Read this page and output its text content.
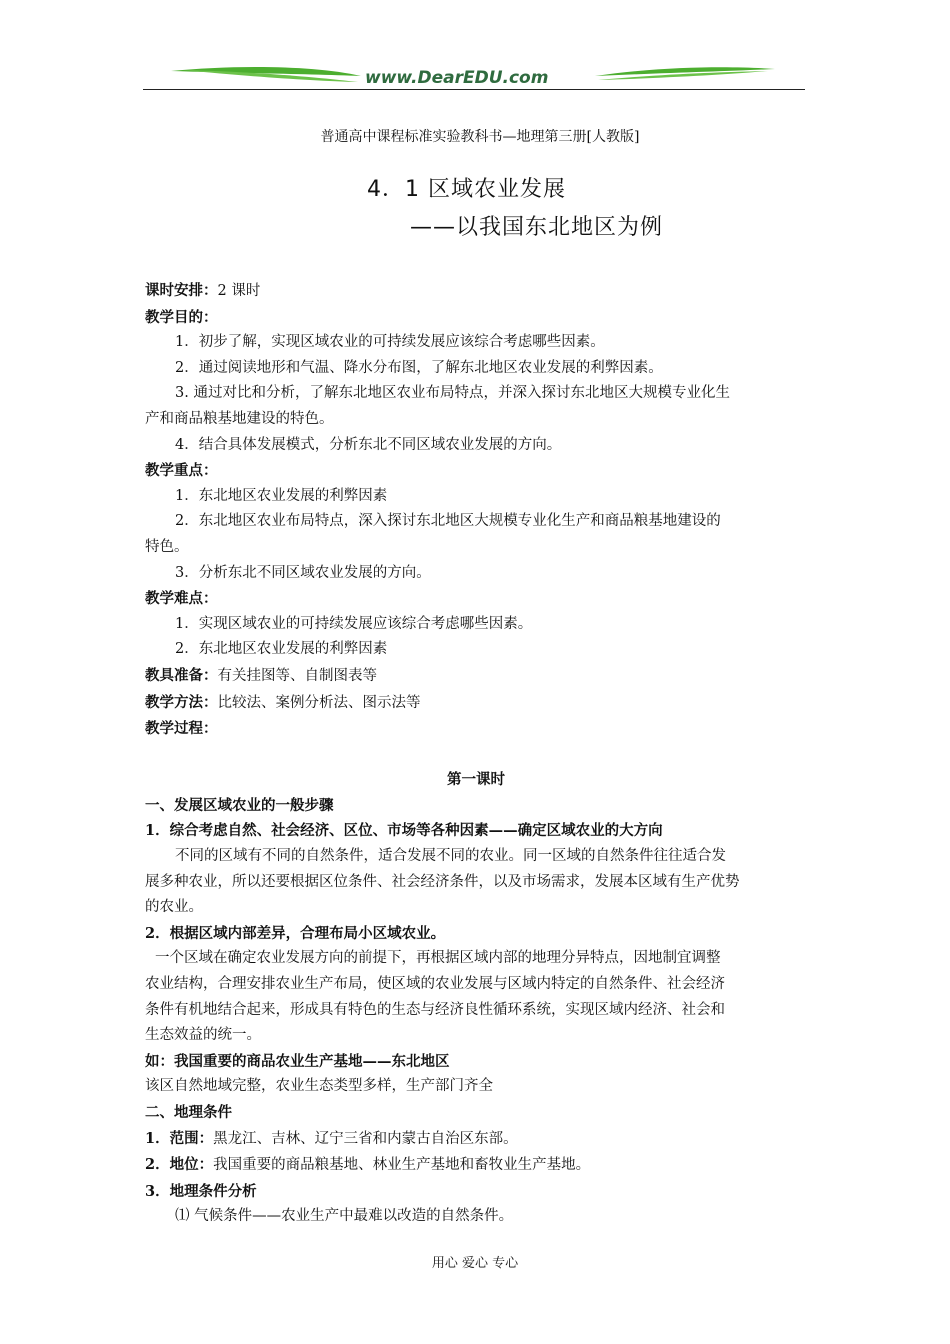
www.DearEDU.com
普通高中课程标准实验教科书—地理第三册[人教版]
4．1 区域农业发展
——以我国东北地区为例
课时安排：2 课时
教学目的：
1．初步了解，实现区域农业的可持续发展应该综合考虑哪些因素。
2．通过阅读地形和气温、降水分布图，了解东北地区农业发展的利弊因素。
3. 通过对比和分析，了解东北地区农业布局特点，并深入探讨东北地区大规模专业化生
产和商品粮基地建设的特色。
4．结合具体发展模式，分析东北不同区域农业发展的方向。
教学重点：
1．东北地区农业发展的利弊因素
2．东北地区农业布局特点，深入探讨东北地区大规模专业化生产和商品粮基地建设的
特色。
3．分析东北不同区域农业发展的方向。
教学难点：
1．实现区域农业的可持续发展应该综合考虑哪些因素。
2．东北地区农业发展的利弊因素
教具准备：有关挂图等、自制图表等
教学方法：比较法、案例分析法、图示法等
教学过程：
第一课时
一、发展区域农业的一般步骤
1．综合考虑自然、社会经济、区位、市场等各种因素——确定区域农业的大方向
不同的区域有不同的自然条件，适合发展不同的农业。同一区域的自然条件往往适合发
展多种农业，所以还要根据区位条件、社会经济条件，以及市场需求，发展本区域有生产优势
的农业。
2．根据区域内部差异，合理布局小区域农业。
一个区域在确定农业发展方向的前提下，再根据区域内部的地理分异特点，因地制宜调整
农业结构，合理安排农业生产布局，使区域的农业发展与区域内特定的自然条件、社会经济
条件有机地结合起来，形成具有特色的生态与经济良性循环系统，实现区域内经济、社会和
生态效益的统一。
如：我国重要的商品农业生产基地——东北地区
该区自然地域完整，农业生态类型多样，生产部门齐全
二、地理条件
1．范围：黑龙江、吉林、辽宁三省和内蒙古自治区东部。
2．地位：我国重要的商品粮基地、林业生产基地和畜牧业生产基地。
3．地理条件分析
⑴ 气候条件——农业生产中最难以改造的自然条件。
用心 爱心 专心
